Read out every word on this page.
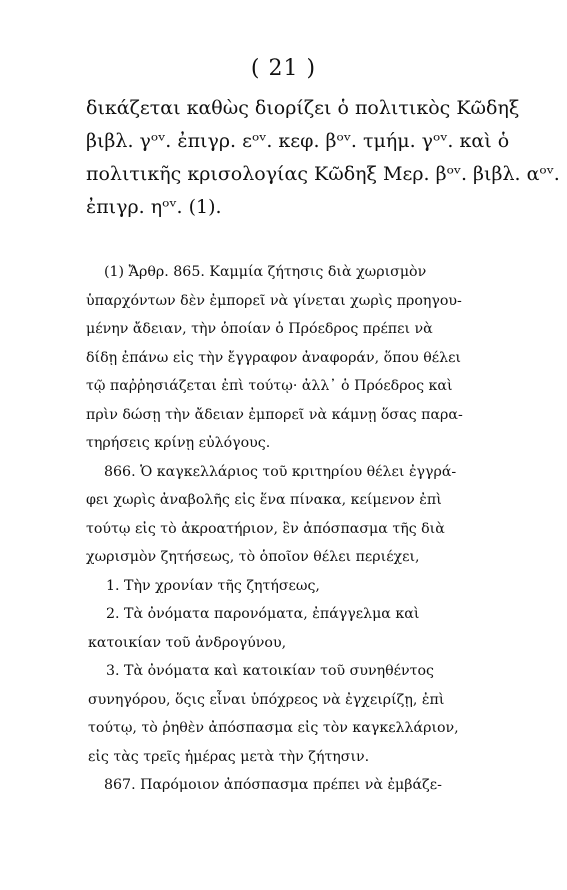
( 21 )
δικάζεται καθὼς διορίζει ὁ πολιτικὸς Κῶδηξ
βιβλ. γᵒᵛ. ἐπιγρ. εᵒᵛ. κεφ. βᵒᵛ. τμήμ. γᵒᵛ. καὶ ὁ
πολιτικῆς κρισολογίας Κῶδηξ Μερ. βᵒᵛ. βιβλ. αᵒᵛ.
ἐπιγρ. ηᵒᵛ. (1).
(1) Ἄρθρ. 865. Καμμία ζήτησις διὰ χωρισμὸν
ὑπαρχόντων δὲν ἐμπορεῖ νὰ γίνεται χωρὶς προηγου-
μένην ἄδειαν, τὴν ὁποίαν ὁ Πρόεδρος πρέπει νὰ
δίδῃ ἐπάνω εἰς τὴν ἔγγραφον ἀναφοράν, ὅπου θέλει
τῷ παῤῥησιάζεται ἐπὶ τούτῳ· ἀλλ᾽ ὁ Πρόεδρος καὶ
πρὶν δώσῃ τὴν ἄδειαν ἐμπορεῖ νὰ κάμνῃ ὅσας παρα-
τηρήσεις κρίνῃ εὐλόγους.
866. Ὁ καγκελλάριος τοῦ κριτηρίου θέλει ἐγγρά-
φει χωρὶς ἀναβολῆς εἰς ἕνα πίνακα, κείμενον ἐπὶ
τούτῳ εἰς τὸ ἀκροατήριον, ἓν ἀπόσπασμα τῆς διὰ
χωρισμὸν ζητήσεως, τὸ ὁποῖον θέλει περιέχει,
1. Τὴν χρονίαν τῆς ζητήσεως,
2. Τὰ ὀνόματα παρονόματα, ἐπάγγελμα καὶ
κατοικίαν τοῦ ἀνδρογύνου,
3. Τὰ ὀνόματα καὶ κατοικίαν τοῦ συνηθέντος
συνηγόρου, ὅςις εἶναι ὑπόχρεος νὰ ἐγχειρίζῃ, ἐπὶ
τούτῳ, τὸ ῥηθὲν ἀπόσπασμα εἰς τὸν καγκελλάριον,
εἰς τὰς τρεῖς ἡμέρας μετὰ τὴν ζήτησιν.
867. Παρόμοιον ἀπόσπασμα πρέπει νὰ ἐμβάζε-
